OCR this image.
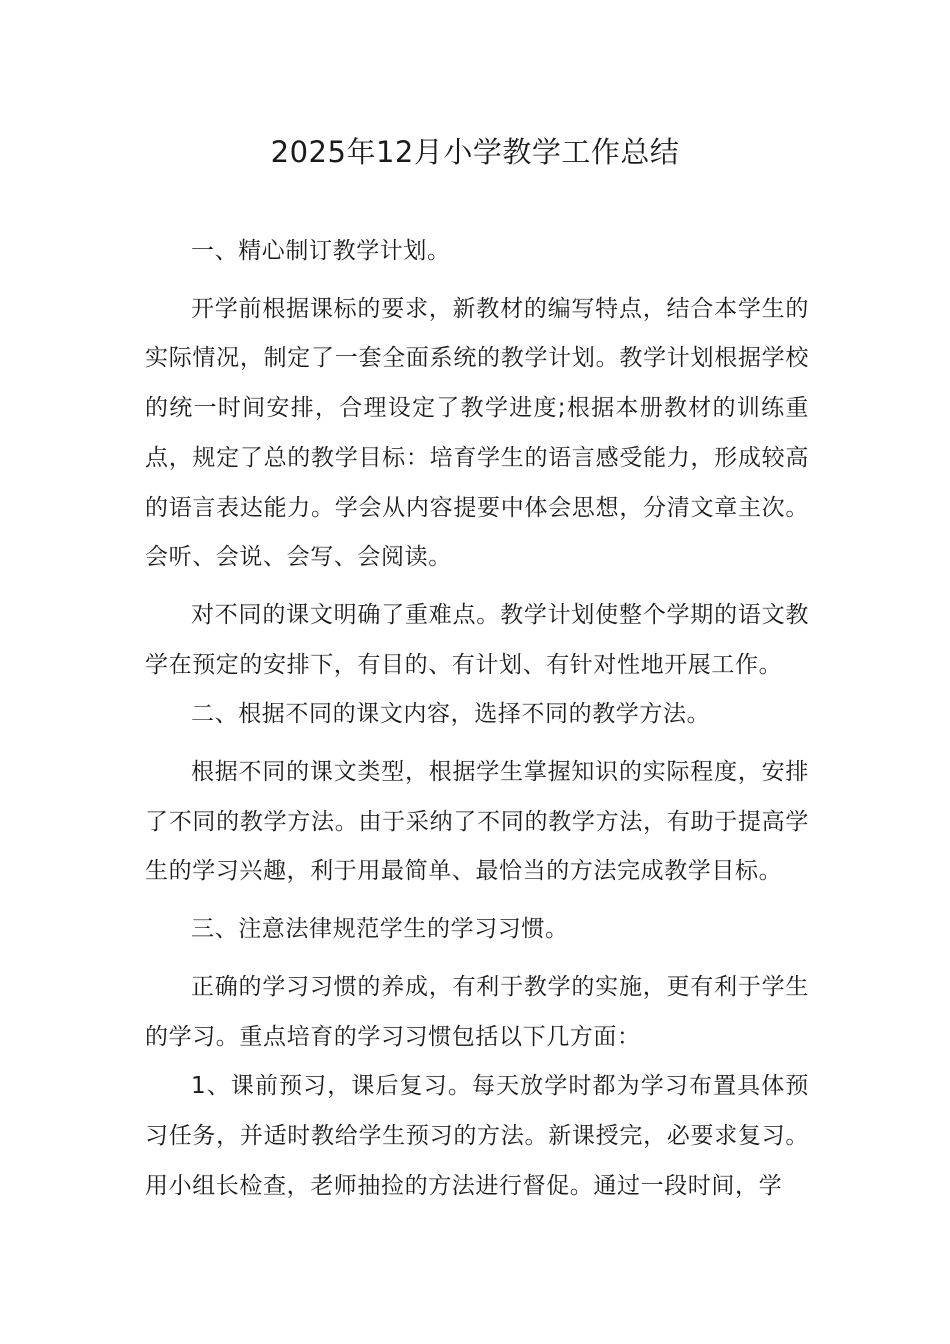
2025年12月小学教学工作总结

一、精心制订教学计划。

开学前根据课标的要求，新教材的编写特点，结合本学生的实际情况，制定了一套全面系统的教学计划。教学计划根据学校的统一时间安排，合理设定了教学进度;根据本册教材的训练重点，规定了总的教学目标：培育学生的语言感受能力，形成较高的语言表达能力。学会从内容提要中体会思想，分清文章主次。会听、会说、会写、会阅读。

对不同的课文明确了重难点。教学计划使整个学期的语文教学在预定的安排下，有目的、有计划、有针对性地开展工作。

二、根据不同的课文内容，选择不同的教学方法。

根据不同的课文类型，根据学生掌握知识的实际程度，安排了不同的教学方法。由于采纳了不同的教学方法，有助于提高学生的学习兴趣，利于用最简单、最恰当的方法完成教学目标。

三、注意法律规范学生的学习习惯。

正确的学习习惯的养成，有利于教学的实施，更有利于学生的学习。重点培育的学习习惯包括以下几方面：

1、课前预习，课后复习。每天放学时都为学习布置具体预习任务，并适时教给学生预习的方法。新课授完，必要求复习。用小组长检查，老师抽捡的方法进行督促。通过一段时间，学
